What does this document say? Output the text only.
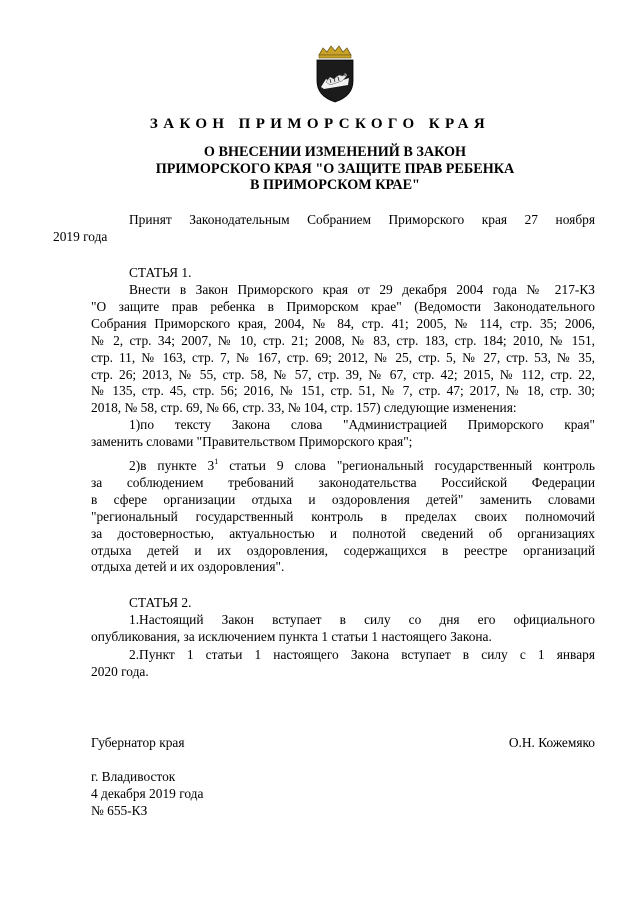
ЗАКОН ПРИМОРСКОГО КРАЯ
О ВНЕСЕНИИ ИЗМЕНЕНИЙ В ЗАКОН
ПРИМОРСКОГО КРАЯ "О ЗАЩИТЕ ПРАВ РЕБЕНКА
В ПРИМОРСКОМ КРАЕ"
Принят Законодательным Собранием Приморского края 27 ноября
2019 года
СТАТЬЯ 1.
Внести в Закон Приморского края от 29 декабря 2004 года № 217-КЗ
"О защите прав ребенка в Приморском крае" (Ведомости Законодательного
Собрания Приморского края, 2004, № 84, стр. 41; 2005, № 114, стр. 35; 2006,
№ 2, стр. 34; 2007, № 10, стр. 21; 2008, № 83, стр. 183, стр. 184; 2010, № 151,
стр. 11, № 163, стр. 7, № 167, стр. 69; 2012, № 25, стр. 5, № 27, стр. 53, № 35,
стр. 26; 2013, № 55, стр. 58, № 57, стр. 39, № 67, стр. 42; 2015, № 112, стр. 22,
№ 135, стр. 45, стр. 56; 2016, № 151, стр. 51, № 7, стр. 47; 2017, № 18, стр. 30;
2018, № 58, стр. 69, № 66, стр. 33, № 104, стр. 157) следующие изменения:
1)по тексту Закона слова "Администрацией Приморского края"
заменить словами "Правительством Приморского края";
2)в пункте $3^1$ статьи 9 слова "региональный государственный контроль
за соблюдением требований законодательства Российской Федерации
в сфере организации отдыха и оздоровления детей" заменить словами
"региональный государственный контроль в пределах своих полномочий
за достоверностью, актуальностью и полнотой сведений об организациях
отдыха детей и их оздоровления, содержащихся в реестре организаций
отдыха детей и их оздоровления".
СТАТЬЯ 2.
1.Настоящий Закон вступает в силу со дня его официального
опубликования, за исключением пункта 1 статьи 1 настоящего Закона.
2.Пункт 1 статьи 1 настоящего Закона вступает в силу с 1 января
2020 года.
Губернатор края	О.Н. Кожемяко
г. Владивосток
4 декабря 2019 года
№ 655-КЗ
